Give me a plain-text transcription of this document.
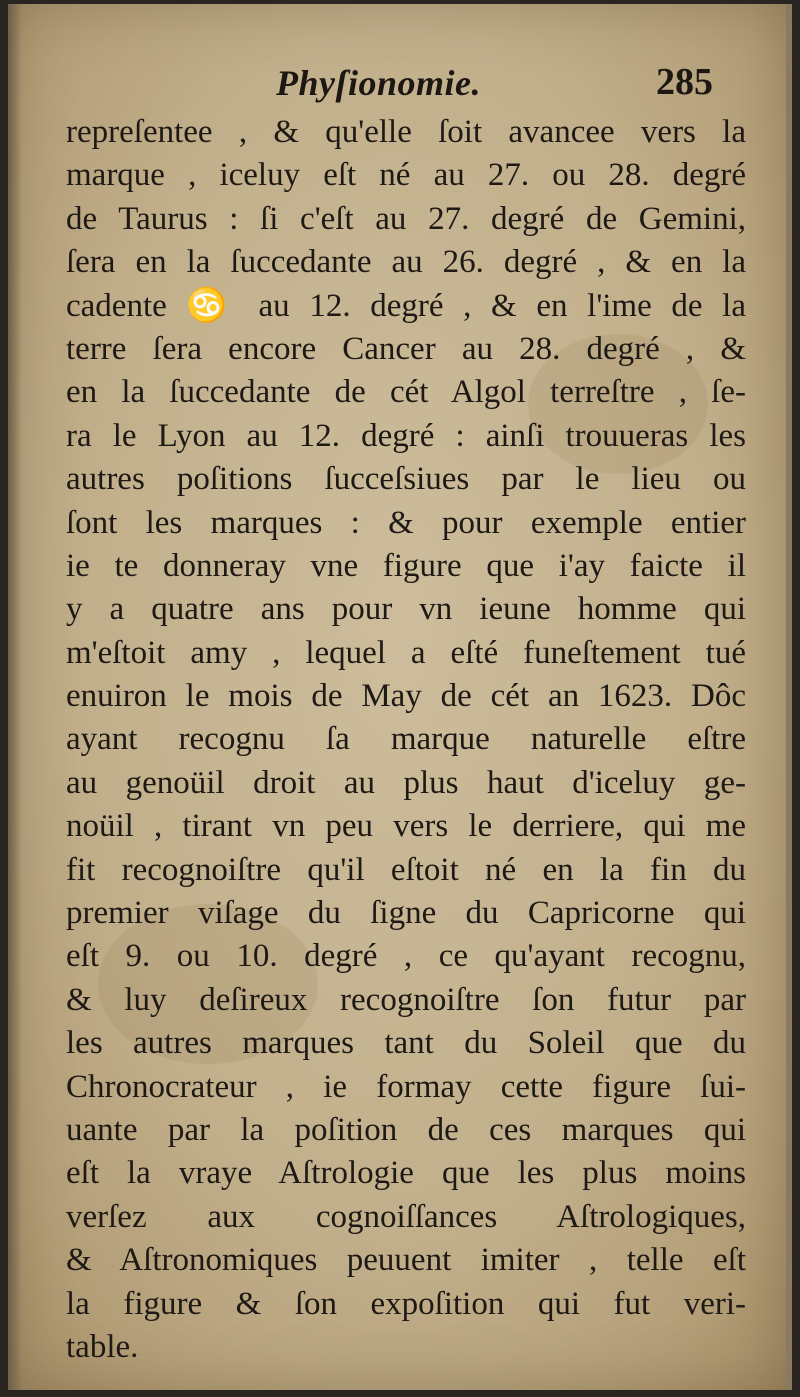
Phyſionomie.	285
repreſentee , & qu'elle ſoit avancee vers la
marque , iceluy eſt né au 27. ou 28. degré
de Taurus : ſi c'eſt au 27. degré de Gemini,
ſera en la ſuccedante au 26. degré , & en la
cadente ♋ au 12. degré , & en l'ime de la
terre ſera encore Cancer au 28. degré , &
en la ſuccedante de cét Algol terreſtre , ſe-
ra le Lyon au 12. degré : ainſi trouueras les
autres poſitions ſucceſsiues par le lieu ou
ſont les marques : & pour exemple entier
ie te donneray vne figure que i'ay faicte il
y a quatre ans pour vn ieune homme qui
m'eſtoit amy , lequel a eſté funeſtement tué
enuiron le mois de May de cét an 1623. Dôc
ayant recognu ſa marque naturelle eſtre
au genoüil droit au plus haut d'iceluy ge-
noüil , tirant vn peu vers le derriere, qui me
fit recognoiſtre qu'il eſtoit né en la fin du
premier viſage du ſigne du Capricorne qui
eſt 9. ou 10. degré , ce qu'ayant recognu,
& luy deſireux recognoiſtre ſon futur par
les autres marques tant du Soleil que du
Chronocrateur , ie formay cette figure ſui-
uante par la poſition de ces marques qui
eſt la vraye Aſtrologie que les plus moins
verſez aux cognoiſſances Aſtrologiques,
& Aſtronomiques peuuent imiter , telle eſt
la figure & ſon expoſition qui fut veri-
table.
